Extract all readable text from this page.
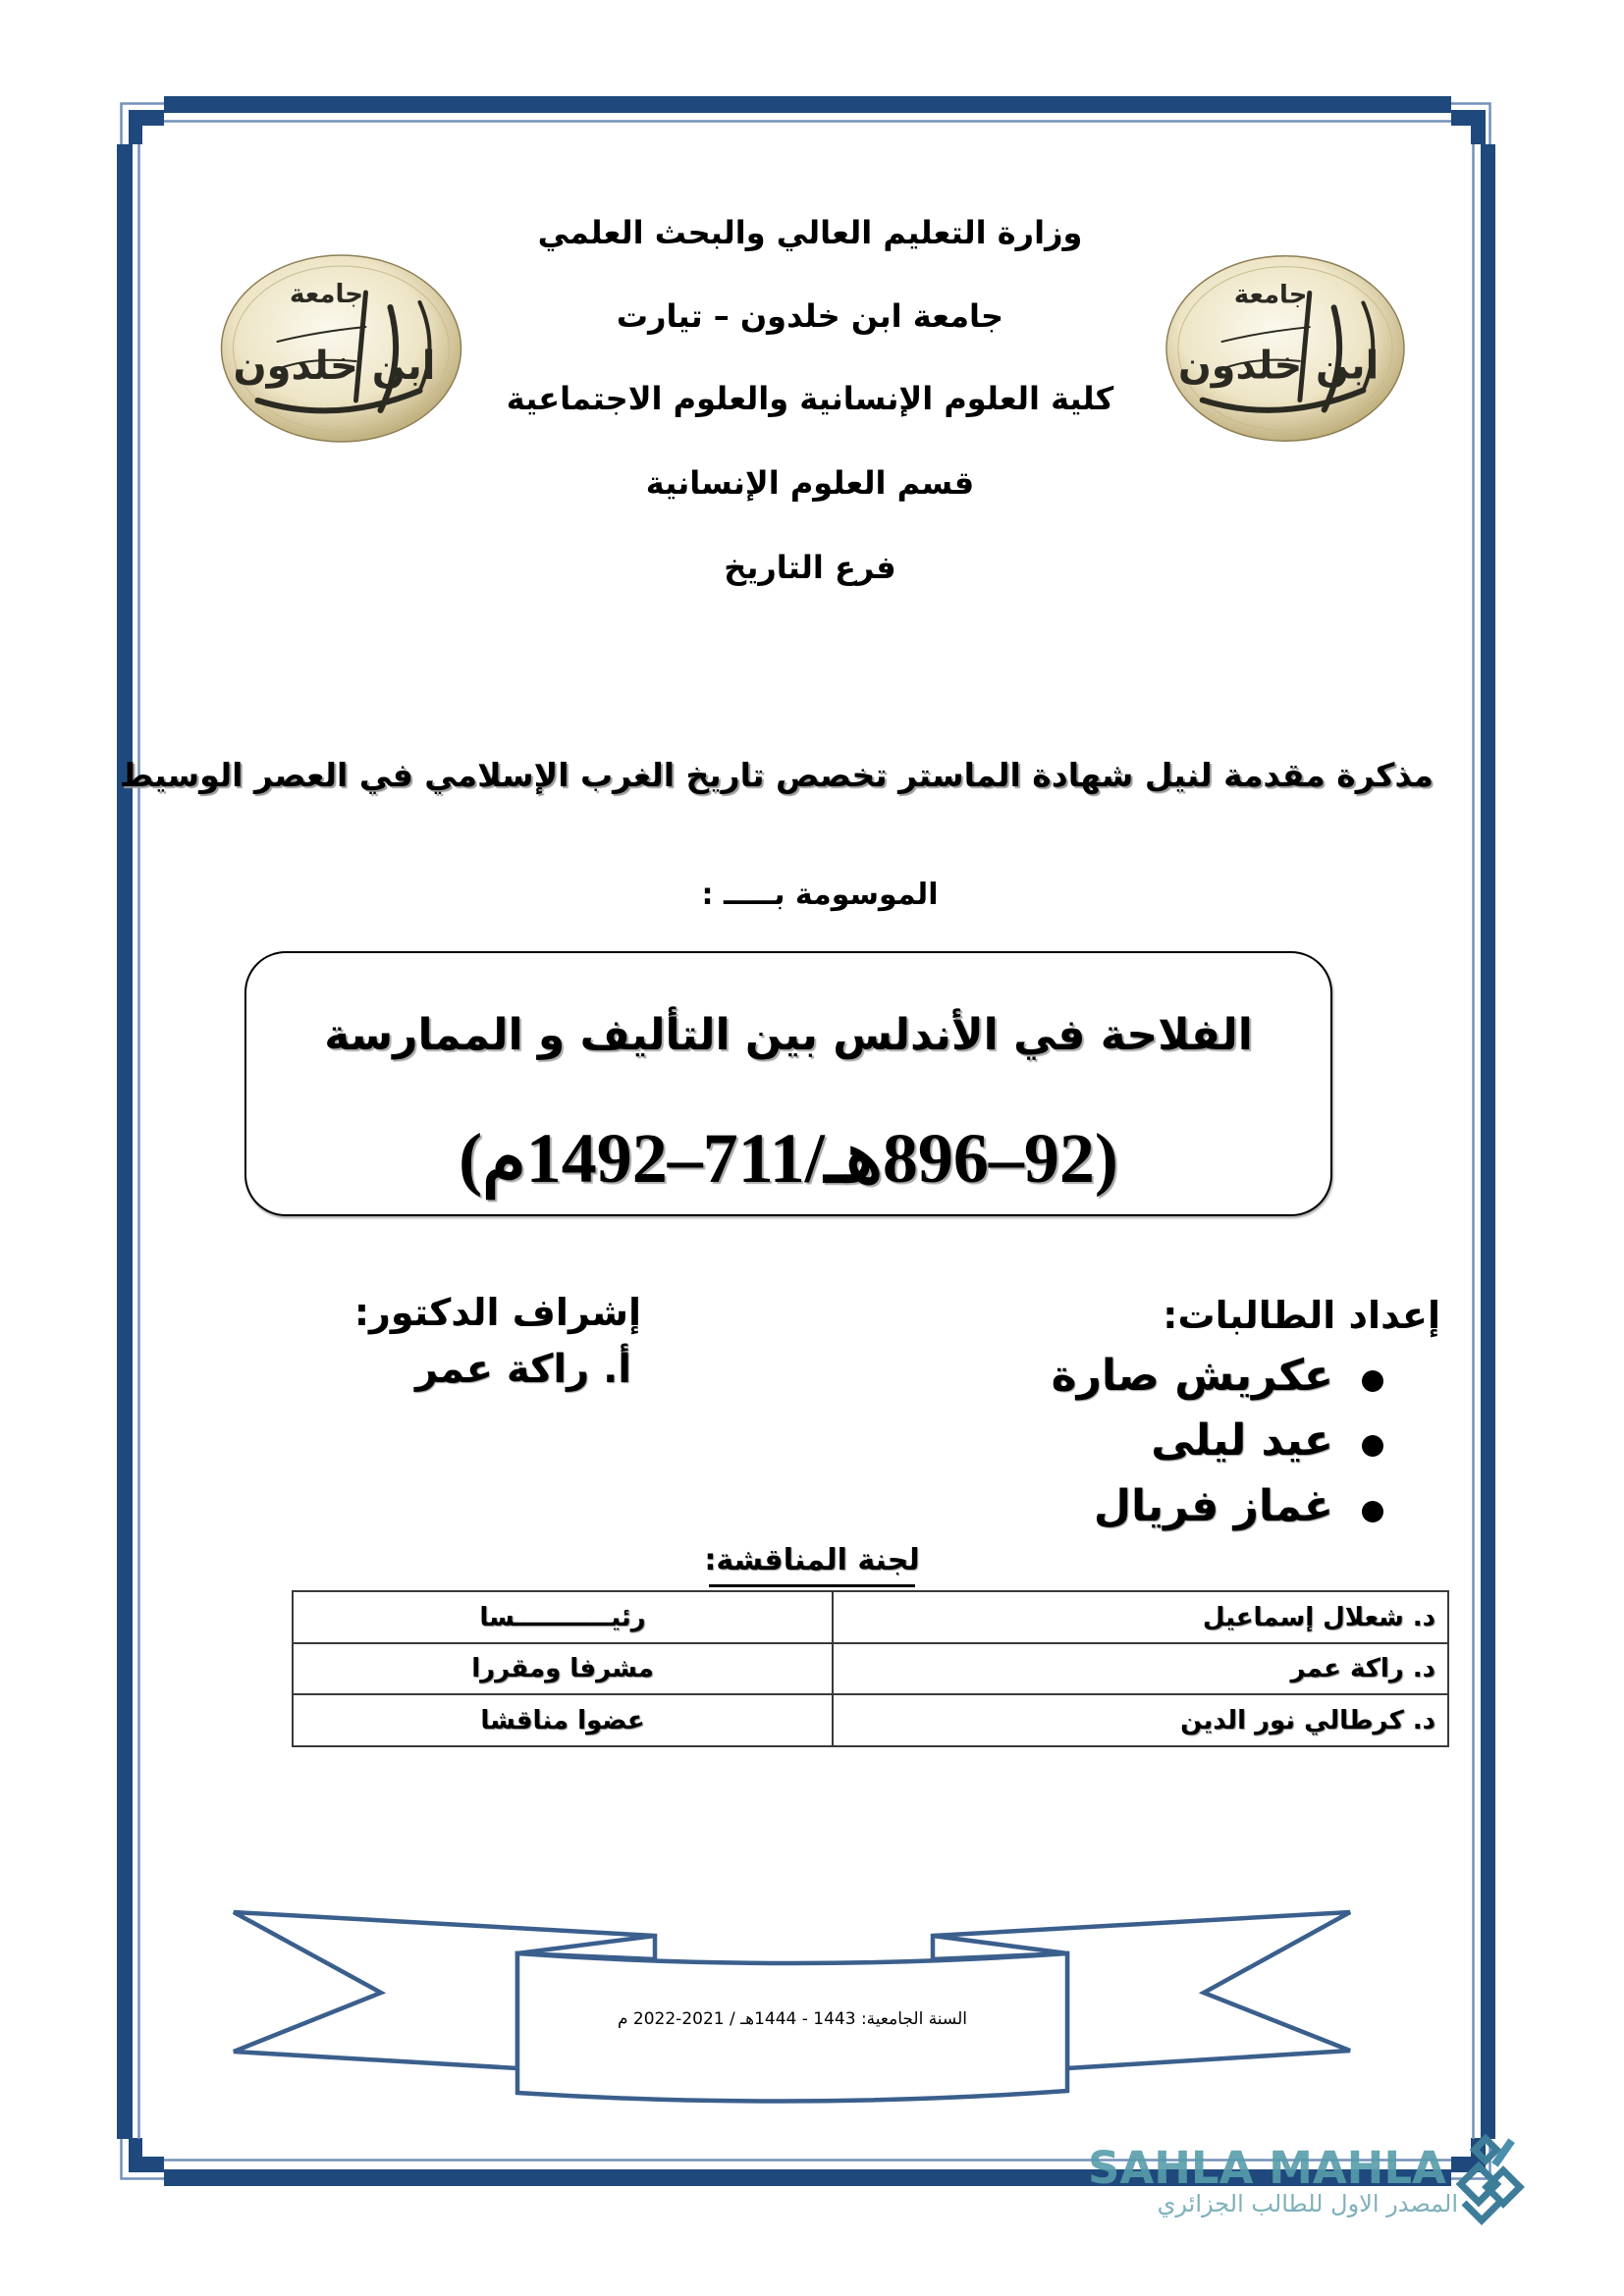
جامعة
ابن خلدون
جامعة
ابن خلدون
وزارة التعليم العالي والبحث العلمي
جامعة ابن خلدون – تيارت
كلية العلوم الإنسانية والعلوم الاجتماعية
قسم العلوم الإنسانية
فرع التاريخ
مذكرة مقدمة لنيل شهادة الماستر تخصص تاريخ الغرب الإسلامي في العصر الوسيط
الموسومة بـــــ :
الفلاحة في الأندلس بين التأليف و الممارسة
(92–896هـ/711–1492م)
إعداد الطالبات:
عكريش صارة
عيد ليلى
غماز فريال
إشراف الدكتور:
أ. راكة عمر
لجنة المناقشة:
د. شعلال إسماعيل	رئيـــــــــــسا
د. راكة عمر	مشرفا ومقررا
د. كرطالي نور الدين	عضوا مناقشا
السنة الجامعية: 1443 - 1444هـ / 2021-2022 م
SAHLA MAHLA
المصدر الاول للطالب الجزائري
